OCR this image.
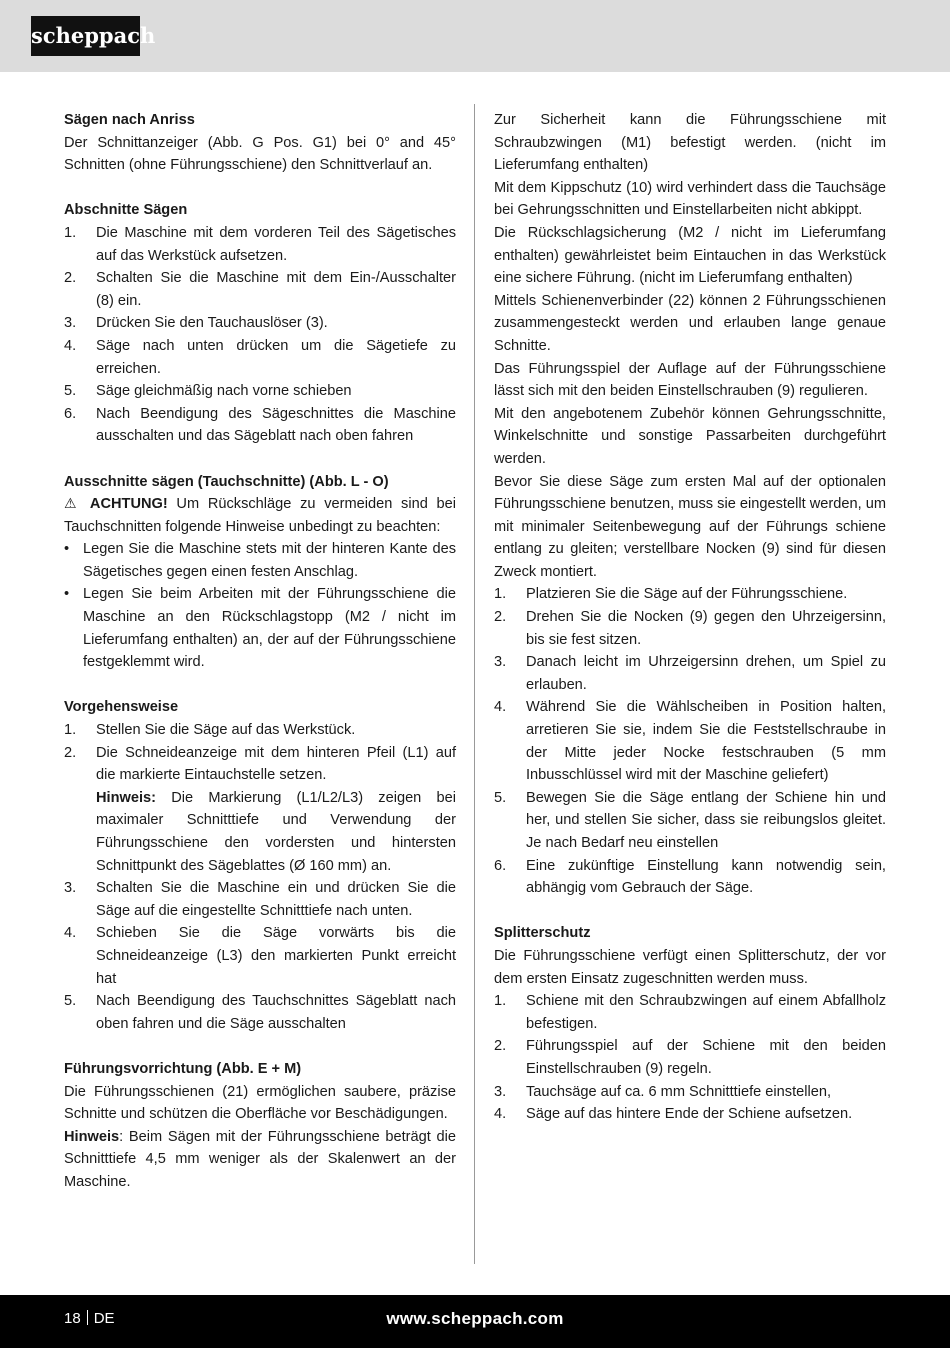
scheppach
Sägen nach Anriss
Der Schnittanzeiger (Abb. G Pos. G1) bei 0° and 45° Schnitten (ohne Führungsschiene) den Schnittverlauf an.
Abschnitte Sägen
1. Die Maschine mit dem vorderen Teil des Sägetisches auf das Werkstück aufsetzen.
2. Schalten Sie die Maschine mit dem Ein-/Ausschalter (8) ein.
3. Drücken Sie den Tauchauslöser (3).
4. Säge nach unten drücken um die Sägetiefe zu erreichen.
5. Säge gleichmäßig nach vorne schieben
6. Nach Beendigung des Sägeschnittes die Maschine ausschalten und das Sägeblatt nach oben fahren
Ausschnitte sägen (Tauchschnitte) (Abb. L - O)
⚠ ACHTUNG! Um Rückschläge zu vermeiden sind bei Tauchschnitten folgende Hinweise unbedingt zu beachten:
• Legen Sie die Maschine stets mit der hinteren Kante des Sägetisches gegen einen festen Anschlag.
• Legen Sie beim Arbeiten mit der Führungsschiene die Maschine an den Rückschlagstopp (M2 / nicht im Lieferumfang enthalten) an, der auf der Führungsschiene festgeklemmt wird.
Vorgehensweise
1. Stellen Sie die Säge auf das Werkstück.
2. Die Schneideanzeige mit dem hinteren Pfeil (L1) auf die markierte Eintauchstelle setzen.
Hinweis: Die Markierung (L1/L2/L3) zeigen bei maximaler Schnitttiefe und Verwendung der Führungsschiene den vordersten und hintersten Schnittpunkt des Sägeblattes (Ø 160 mm) an.
3. Schalten Sie die Maschine ein und drücken Sie die Säge auf die eingestellte Schnitttiefe nach unten.
4. Schieben Sie die Säge vorwärts bis die Schneideanzeige (L3) den markierten Punkt erreicht hat
5. Nach Beendigung des Tauchschnittes Sägeblatt nach oben fahren und die Säge ausschalten
Führungsvorrichtung (Abb. E + M)
Die Führungsschienen (21) ermöglichen saubere, präzise Schnitte und schützen die Oberfläche vor Beschädigungen.
Hinweis: Beim Sägen mit der Führungsschiene beträgt die Schnitttiefe 4,5 mm weniger als der Skalenwert an der Maschine.
Zur Sicherheit kann die Führungsschiene mit Schraubzwingen (M1) befestigt werden. (nicht im Lieferumfang enthalten)
Mit dem Kippschutz (10) wird verhindert dass die Tauchsäge bei Gehrungsschnitten und Einstellarbeiten nicht abkippt.
Die Rückschlagsicherung (M2 / nicht im Lieferumfang enthalten) gewährleistet beim Eintauchen in das Werkstück eine sichere Führung. (nicht im Lieferumfang enthalten)
Mittels Schienenverbinder (22) können 2 Führungsschienen zusammengesteckt werden und erlauben lange genaue Schnitte.
Das Führungsspiel der Auflage auf der Führungsschiene lässt sich mit den beiden Einstellschrauben (9) regulieren.
Mit den angebotenem Zubehör können Gehrungsschnitte, Winkelschnitte und sonstige Passarbeiten durchgeführt werden.
Bevor Sie diese Säge zum ersten Mal auf der optionalen Führungsschiene benutzen, muss sie eingestellt werden, um mit minimaler Seitenbewegung auf der Führungs schiene entlang zu gleiten; verstellbare Nocken (9) sind für diesen Zweck montiert.
1. Platzieren Sie die Säge auf der Führungsschiene.
2. Drehen Sie die Nocken (9) gegen den Uhrzeigersinn, bis sie fest sitzen.
3. Danach leicht im Uhrzeigersinn drehen, um Spiel zu erlauben.
4. Während Sie die Wählscheiben in Position halten, arretieren Sie sie, indem Sie die Feststellschraube in der Mitte jeder Nocke festschrauben (5 mm Inbusschlüssel wird mit der Maschine geliefert)
5. Bewegen Sie die Säge entlang der Schiene hin und her, und stellen Sie sicher, dass sie reibungslos gleitet. Je nach Bedarf neu einstellen
6. Eine zukünftige Einstellung kann notwendig sein, abhängig vom Gebrauch der Säge.
Splitterschutz
Die Führungsschiene verfügt einen Splitterschutz, der vor dem ersten Einsatz zugeschnitten werden muss.
1. Schiene mit den Schraubzwingen auf einem Abfallholz befestigen.
2. Führungsspiel auf der Schiene mit den beiden Einstellschrauben (9) regeln.
3. Tauchsäge auf ca. 6 mm Schnitttiefe einstellen,
4. Säge auf das hintere Ende der Schiene aufsetzen.
18 DE	www.scheppach.com
